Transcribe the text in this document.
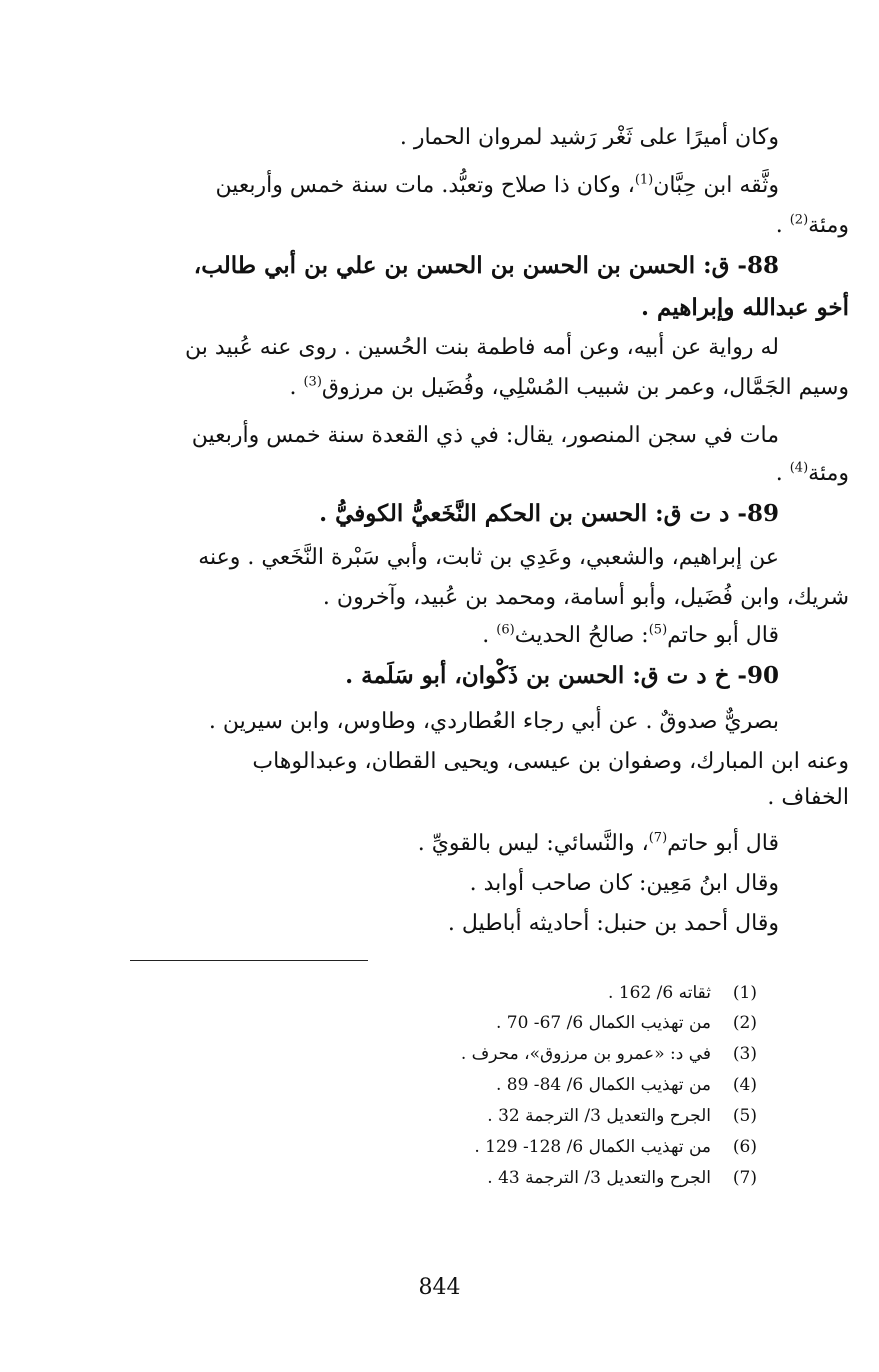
وكان أميرًا على ثَغْر رَشيد لمروان الحمار .
وثَّقه ابن حِبَّان$^{(1)}$، وكان ذا صلاح وتعبُّد. مات سنة خمس وأربعين
ومئة$^{(2)}$ .
88- ق: الحسن بن الحسن بن الحسن بن علي بن أبي طالب،
أخو عبدالله وإبراهيم .
له رواية عن أبيه، وعن أمه فاطمة بنت الحُسين . روى عنه عُبيد بن
وسيم الجَمَّال، وعمر بن شبيب المُسْلِي، وفُضَيل بن مرزوق$^{(3)}$ .
مات في سجن المنصور، يقال: في ذي القعدة سنة خمس وأربعين
ومئة$^{(4)}$ .
89- د ت ق: الحسن بن الحكم النَّخَعيُّ الكوفيُّ .
عن إبراهيم، والشعبي، وعَدِي بن ثابت، وأبي سَبْرة النَّخَعي . وعنه
شريك، وابن فُضَيل، وأبو أسامة، ومحمد بن عُبيد، وآخرون .
قال أبو حاتم$^{(5)}$: صالحُ الحديث$^{(6)}$ .
90- خ د ت ق: الحسن بن ذَكْوان، أبو سَلَمة .
بصريٌّ صدوقٌ . عن أبي رجاء العُطاردي، وطاوس، وابن سيرين .
وعنه ابن المبارك، وصفوان بن عيسى، ويحيى القطان، وعبدالوهاب
الخفاف .
قال أبو حاتم$^{(7)}$، والنَّسائي: ليس بالقويِّ .
وقال ابنُ مَعِين: كان صاحب أوابد .
وقال أحمد بن حنبل: أحاديثه أباطيل .
(1)ثقاته 6/ 162 .
(2)من تهذيب الكمال 6/ 67- 70 .
(3)في د: «عمرو بن مرزوق»، محرف .
(4)من تهذيب الكمال 6/ 84- 89 .
(5)الجرح والتعديل 3/ الترجمة 32 .
(6)من تهذيب الكمال 6/ 128- 129 .
(7)الجرح والتعديل 3/ الترجمة 43 .
844
